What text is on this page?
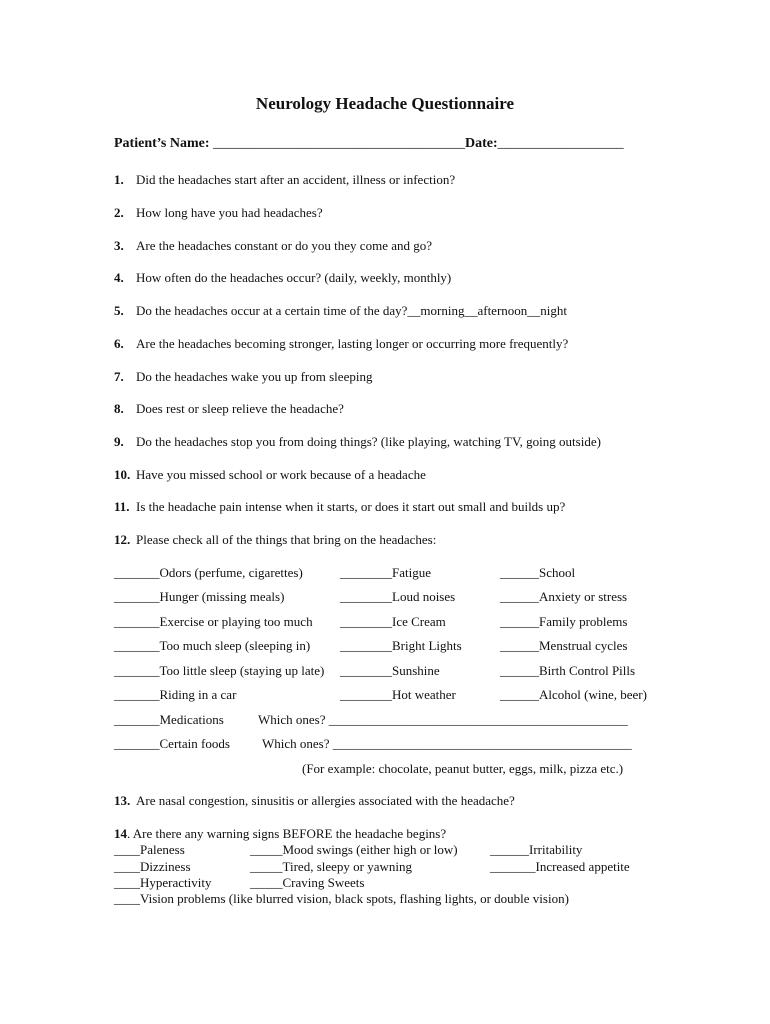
Neurology Headache Questionnaire
Patient’s Name: ____________________________________Date:__________________
1. Did the headaches start after an accident, illness or infection?
2. How long have you had headaches?
3. Are the headaches constant or do you they come and go?
4. How often do the headaches occur? (daily, weekly, monthly)
5. Do the headaches occur at a certain time of the day?__morning__afternoon__night
6. Are the headaches becoming stronger, lasting longer or occurring more frequently?
7. Do the headaches wake you up from sleeping
8. Does rest or sleep relieve the headache?
9. Do the headaches stop you from doing things? (like playing, watching TV, going outside)
10. Have you missed school or work because of a headache
11. Is the headache pain intense when it starts, or does it start out small and builds up?
12. Please check all of the things that bring on the headaches:
_______Odors (perfume, cigarettes)	________Fatigue	______School
_______Hunger (missing meals)	________Loud noises	______Anxiety or stress
_______Exercise or playing too much ________Ice Cream	______Family problems
_______Too much sleep (sleeping in) ________Bright Lights	______Menstrual cycles
_______Too little sleep (staying up late) ________Sunshine	______Birth Control Pills
_______Riding in a car	________Hot weather	______Alcohol (wine, beer)
_______Medications	Which ones? ______________________________________________
_______Certain foods Which ones? ______________________________________________
(For example: chocolate, peanut butter, eggs, milk, pizza etc.)
13. Are nasal congestion, sinusitis or allergies associated with the headache?
14. Are there any warning signs BEFORE the headache begins?
____Paleness	_____Mood swings (either high or low) ______Irritability
____Dizziness	_____Tired, sleepy or yawning	_______Increased appetite
____Hyperactivity	_____Craving Sweets
____Vision problems (like blurred vision, black spots, flashing lights, or double vision)
